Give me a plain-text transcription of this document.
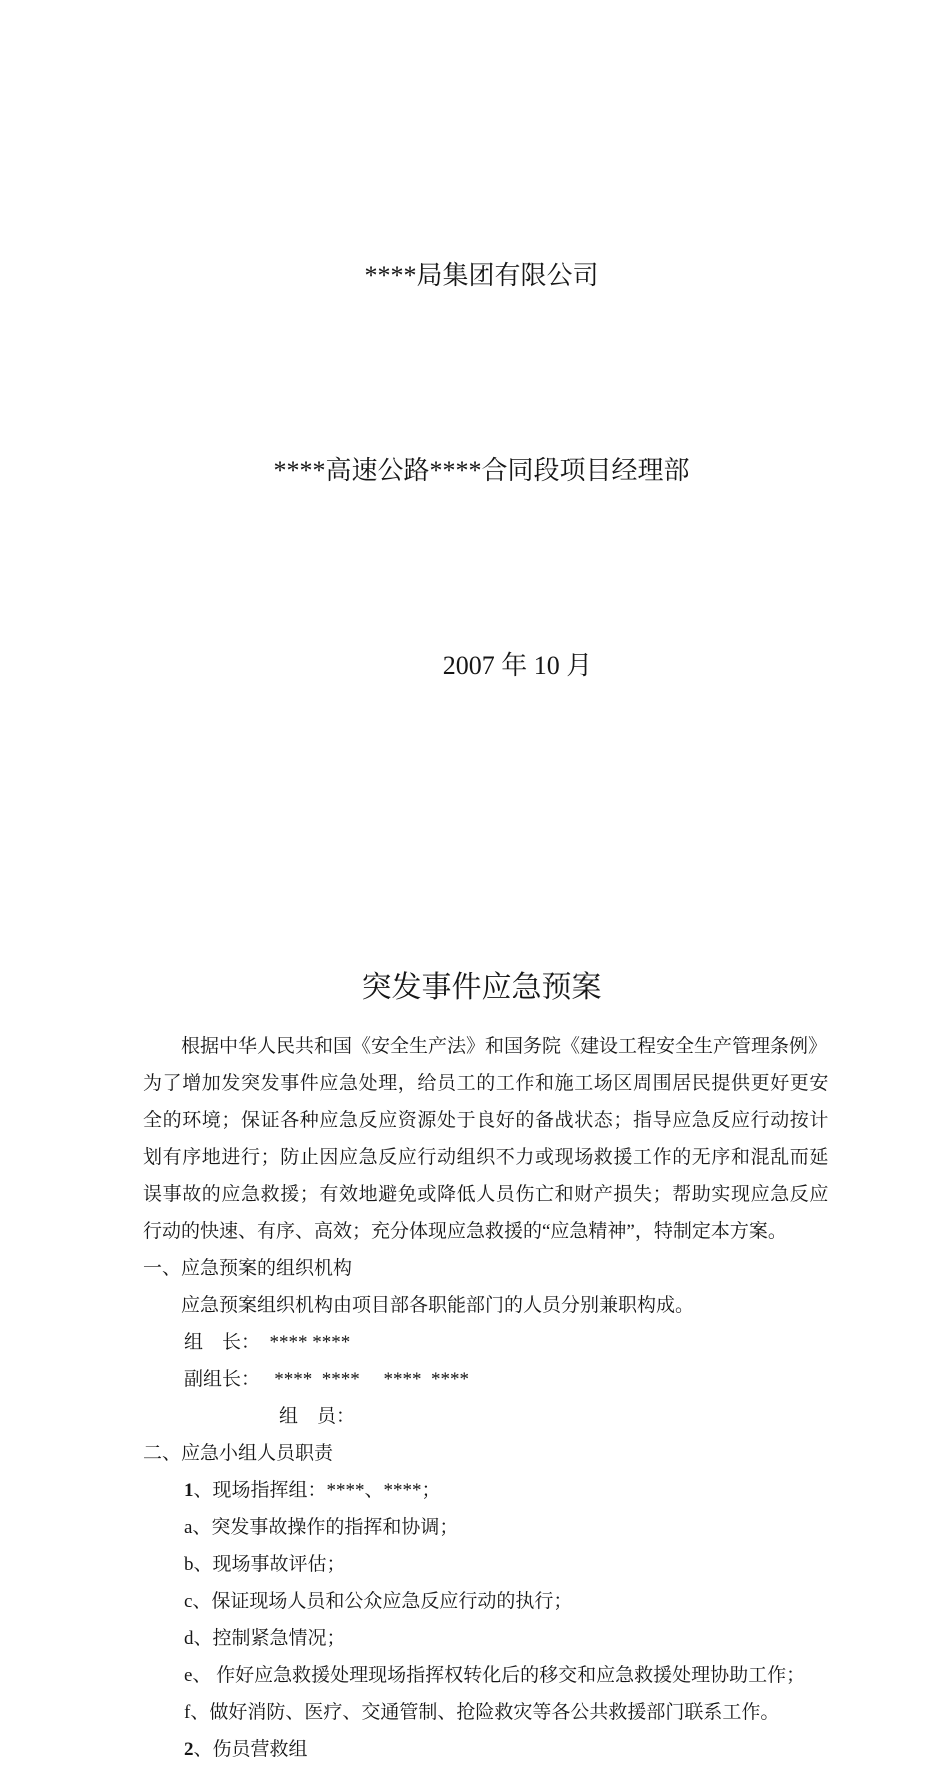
****局集团有限公司

****高速公路****合同段项目经理部

2007 年 10 月

突发事件应急预案
根据中华人民共和国《安全生产法》和国务院《建设工程安全生产管理条例》
为了增加发突发事件应急处理，给员工的工作和施工场区周围居民提供更好更安
全的环境；保证各种应急反应资源处于良好的备战状态；指导应急反应行动按计
划有序地进行；防止因应急反应行动组织不力或现场救援工作的无序和混乱而延
误事故的应急救援；有效地避免或降低人员伤亡和财产损失；帮助实现应急反应
行动的快速、有序、高效；充分体现应急救援的“应急精神”，特制定本方案。
一、应急预案的组织机构
应急预案组织机构由项目部各职能部门的人员分别兼职构成。
组　长：  **** ****
副组长：   ****  ****　 ****  ****
组　员：
二、应急小组人员职责
1、现场指挥组：****、****；
a、突发事故操作的指挥和协调；
b、现场事故评估；
c、保证现场人员和公众应急反应行动的执行；
d、控制紧急情况；
e、 作好应急救援处理现场指挥权转化后的移交和应急救援处理协助工作；
f、做好消防、医疗、交通管制、抢险救灾等各公共救援部门联系工作。
2、伤员营救组
